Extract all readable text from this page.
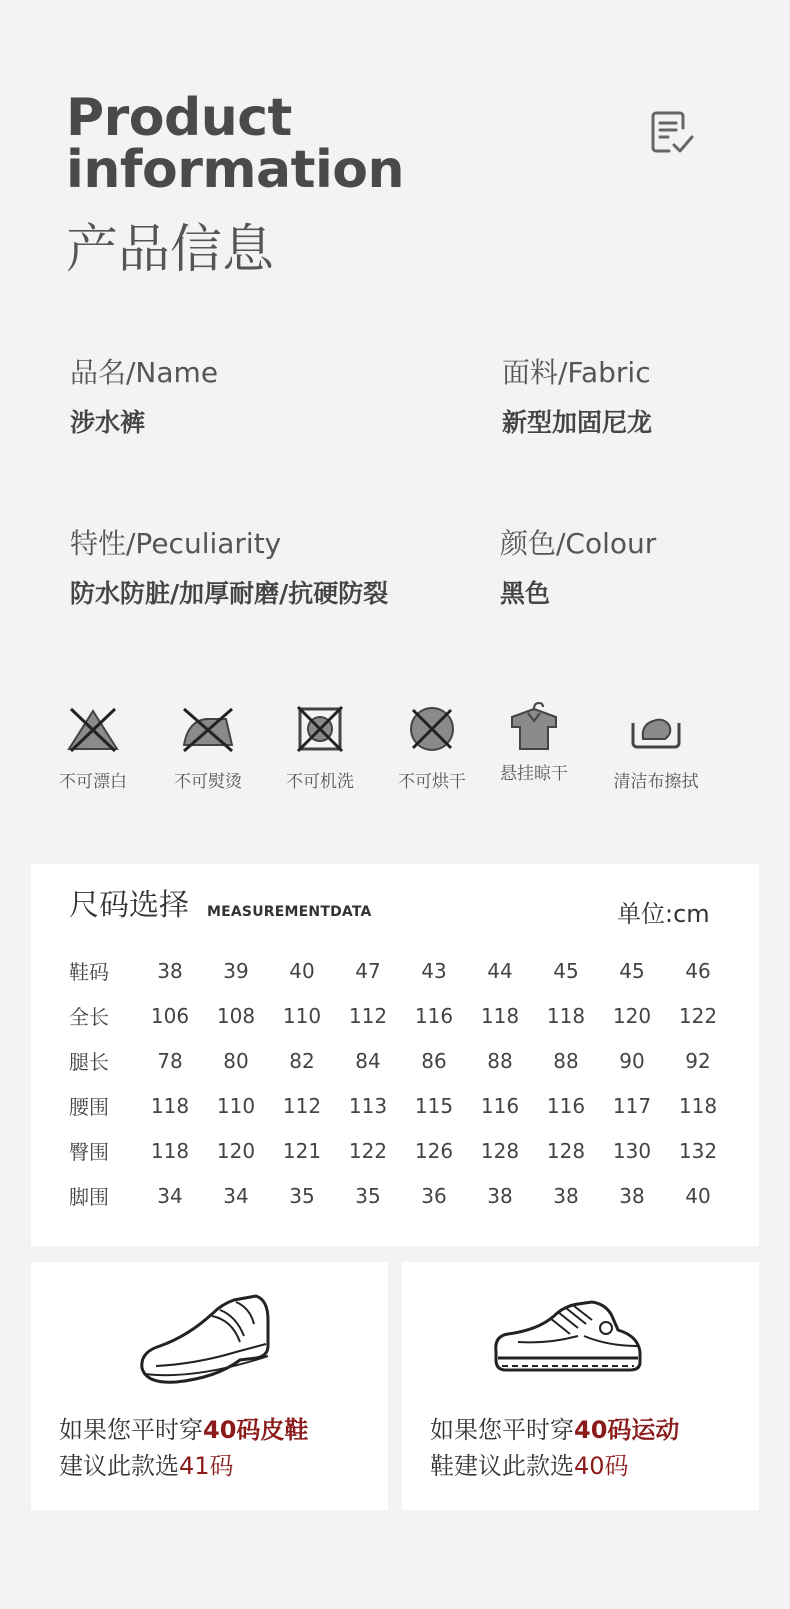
Product
information
产品信息
品名/Name
涉水裤
面料/Fabric
新型加固尼龙
特性/Peculiarity
防水防脏/加厚耐磨/抗硬防裂
颜色/Colour
黑色
不可漂白	不可熨烫	不可机洗	不可烘干	悬挂晾干	清洁布擦拭
尺码选择 MEASUREMENTDATA	单位:cm
鞋码	38	39	40	47	43	44	45	45	46
全长	106	108	110	112	116	118	118	120	122
腿长	78	80	82	84	86	88	88	90	92
腰围	118	110	112	113	115	116	116	117	118
臀围	118	120	121	122	126	128	128	130	132
脚围	34	34	35	35	36	38	38	38	40
如果您平时穿40码皮鞋
建议此款选41码
如果您平时穿40码运动
鞋建议此款选40码
